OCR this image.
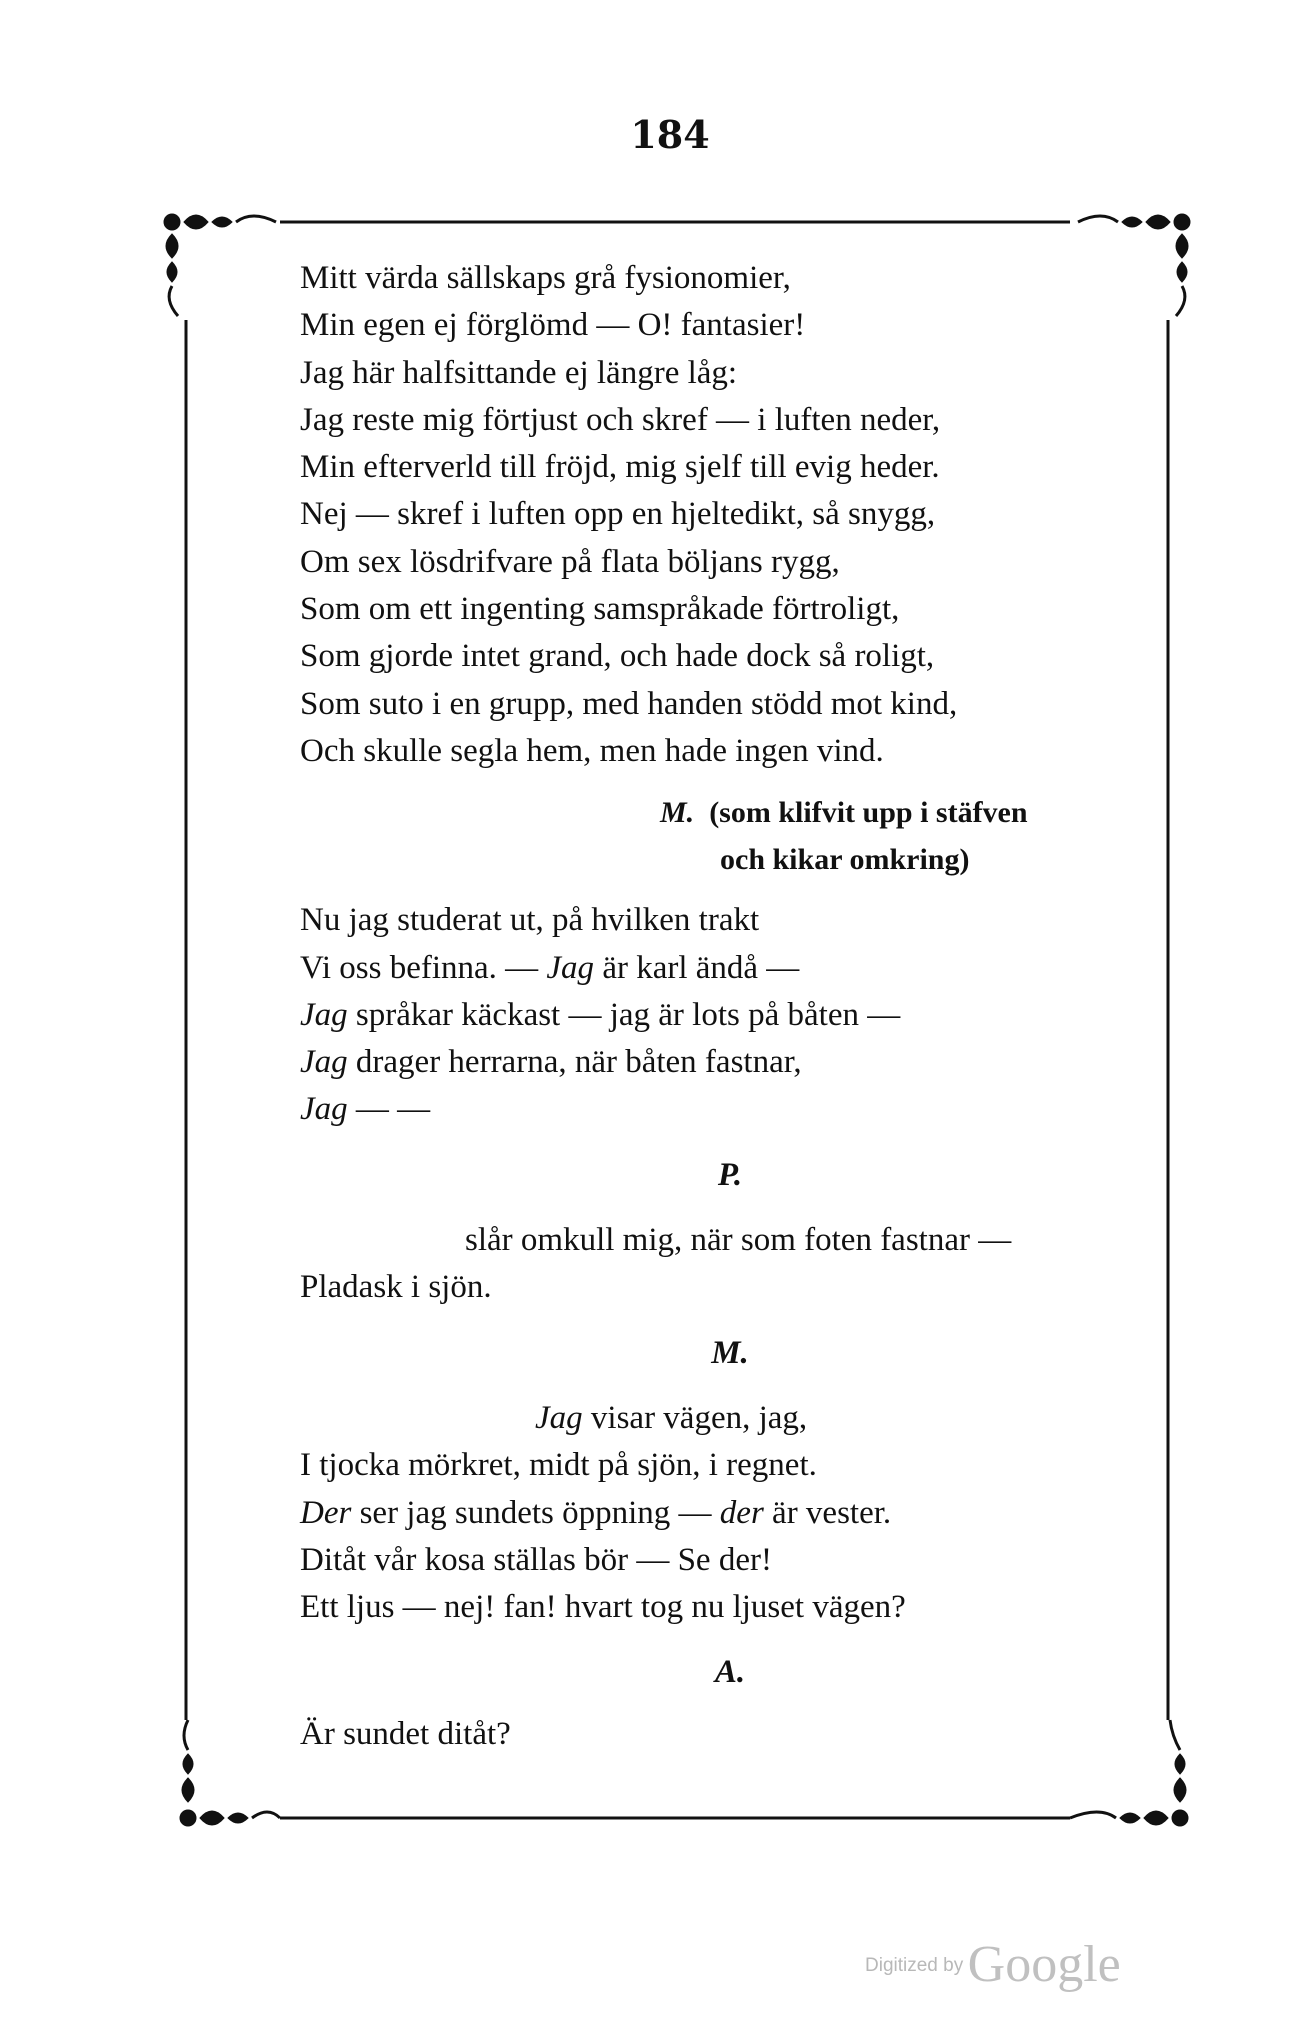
184
Mitt värda sällskaps grå fysionomier,
Min egen ej förglömd — O! fantasier!
Jag här halfsittande ej längre låg:
Jag reste mig förtjust och skref — i luften neder,
Min efterverld till fröjd, mig sjelf till evig heder.
Nej — skref i luften opp en hjeltedikt, så snygg,
Om sex lösdrifvare på flata böljans rygg,
Som om ett ingenting samspråkade förtroligt,
Som gjorde intet grand, och hade dock så roligt,
Som suto i en grupp, med handen stödd mot kind,
Och skulle segla hem, men hade ingen vind.
M. (som klifvit upp i stäfven
och kikar omkring)
Nu jag studerat ut, på hvilken trakt
Vi oss befinna. — Jag är karl ändå —
Jag språkar käckast — jag är lots på båten —
Jag drager herrarna, när båten fastnar,
Jag — —
P.
slår omkull mig, när som foten fastnar —
Pladask i sjön.
M.
Jag visar vägen, jag,
I tjocka mörkret, midt på sjön, i regnet.
Der ser jag sundets öppning — der är vester.
Ditåt vår kosa ställas bör — Se der!
Ett ljus — nej! fan! hvart tog nu ljuset vägen?
A.
Är sundet ditåt?
Digitized by Google
